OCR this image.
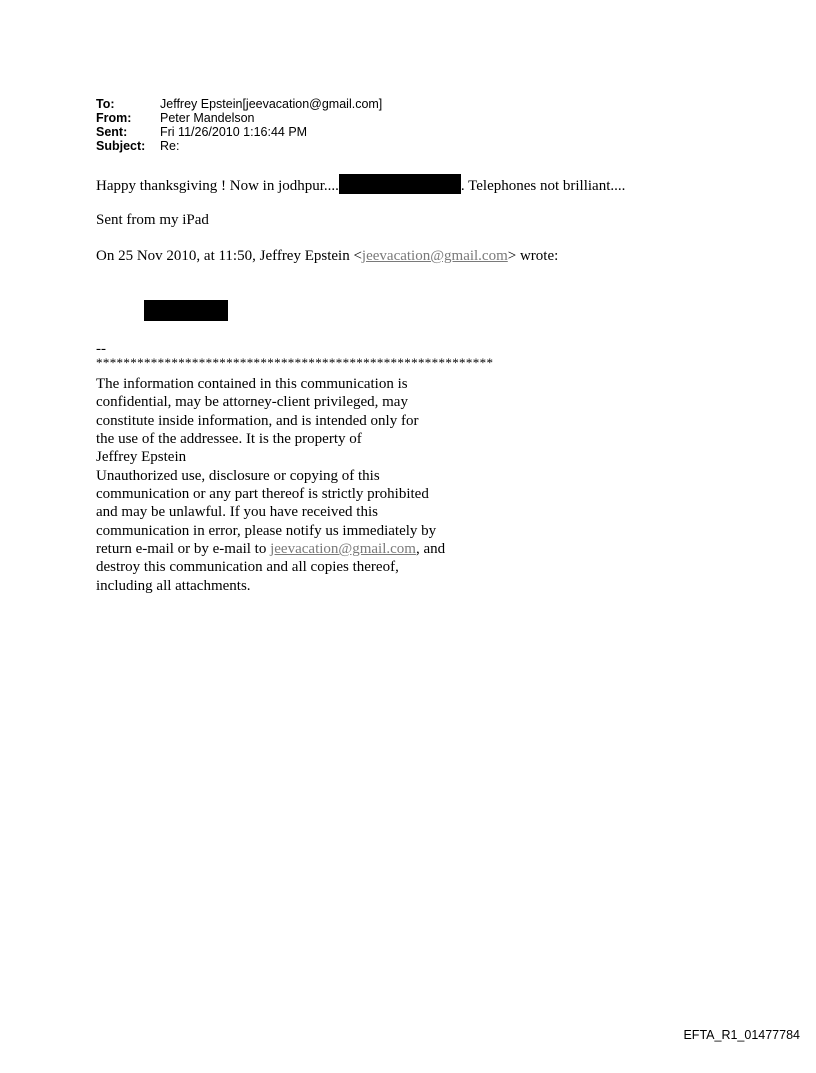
To:	Jeffrey Epstein[jeevacation@gmail.com]
From:	Peter Mandelson
Sent:	Fri 11/26/2010 1:16:44 PM
Subject:	Re:
Happy thanksgiving ! Now in jodhpur....	. Telephones not brilliant....
Sent from my iPad
On 25 Nov 2010, at 11:50, Jeffrey Epstein <jeevacation@gmail.com> wrote:
--
**********************************************************
The information contained in this communication is
confidential, may be attorney-client privileged, may
constitute inside information, and is intended only for
the use of the addressee. It is the property of
Jeffrey Epstein
Unauthorized use, disclosure or copying of this
communication or any part thereof is strictly prohibited
and may be unlawful. If you have received this
communication in error, please notify us immediately by
return e-mail or by e-mail to jeevacation@gmail.com, and
destroy this communication and all copies thereof,
including all attachments.
EFTA_R1_01477784
